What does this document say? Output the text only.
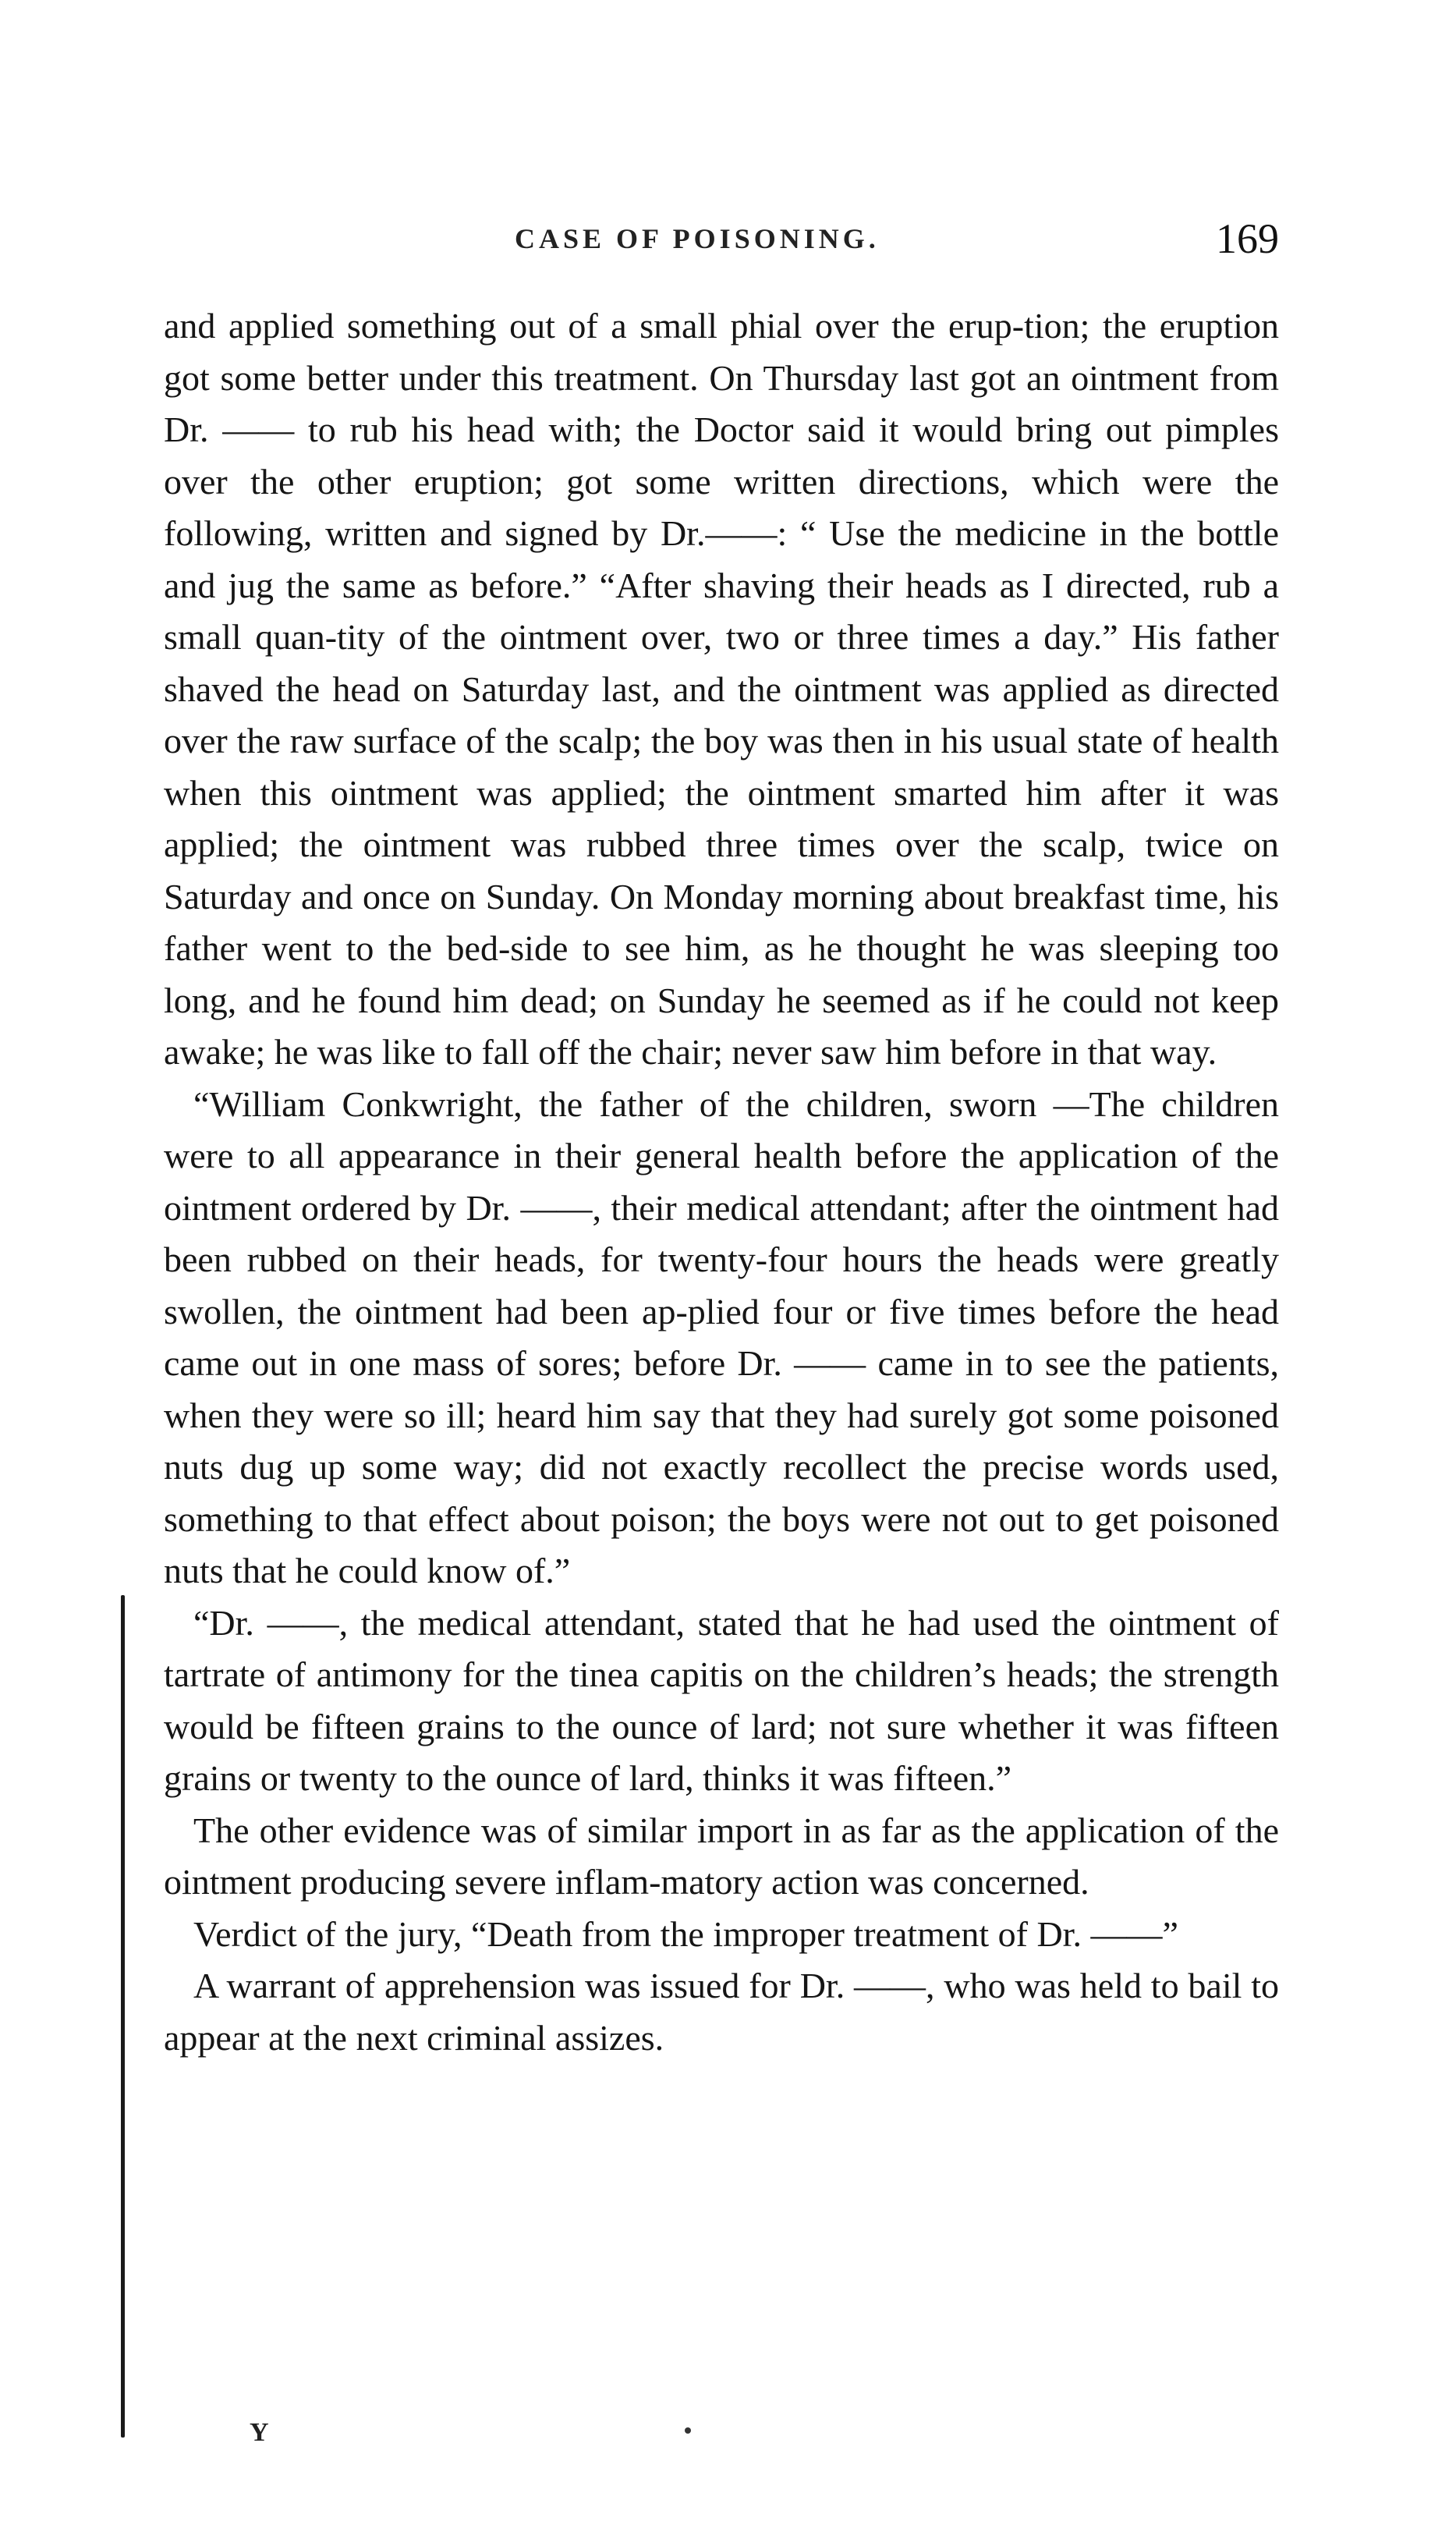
CASE OF POISONING.	169

and applied something out of a small phial over the erup-tion; the eruption got some better under this treatment. On Thursday last got an ointment from Dr. —— to rub his head with; the Doctor said it would bring out pimples over the other eruption; got some written directions, which were the following, written and signed by Dr.——: “ Use the medicine in the bottle and jug the same as before.” “After shaving their heads as I directed, rub a small quan-tity of the ointment over, two or three times a day.” His father shaved the head on Saturday last, and the ointment was applied as directed over the raw surface of the scalp; the boy was then in his usual state of health when this ointment was applied; the ointment smarted him after it was applied; the ointment was rubbed three times over the scalp, twice on Saturday and once on Sunday. On Monday morning about breakfast time, his father went to the bed-side to see him, as he thought he was sleeping too long, and he found him dead; on Sunday he seemed as if he could not keep awake; he was like to fall off the chair; never saw him before in that way.

“William Conkwright, the father of the children, sworn —The children were to all appearance in their general health before the application of the ointment ordered by Dr. ——, their medical attendant; after the ointment had been rubbed on their heads, for twenty-four hours the heads were greatly swollen, the ointment had been ap-plied four or five times before the head came out in one mass of sores; before Dr. —— came in to see the patients, when they were so ill; heard him say that they had surely got some poisoned nuts dug up some way; did not exactly recollect the precise words used, something to that effect about poison; the boys were not out to get poisoned nuts that he could know of.”

“Dr. ——, the medical attendant, stated that he had used the ointment of tartrate of antimony for the tinea capitis on the children’s heads; the strength would be fifteen grains to the ounce of lard; not sure whether it was fifteen grains or twenty to the ounce of lard, thinks it was fifteen.”

The other evidence was of similar import in as far as the application of the ointment producing severe inflam-matory action was concerned.

Verdict of the jury, “Death from the improper treatment of Dr. ——”

A warrant of apprehension was issued for Dr. ——, who was held to bail to appear at the next criminal assizes.

Y
